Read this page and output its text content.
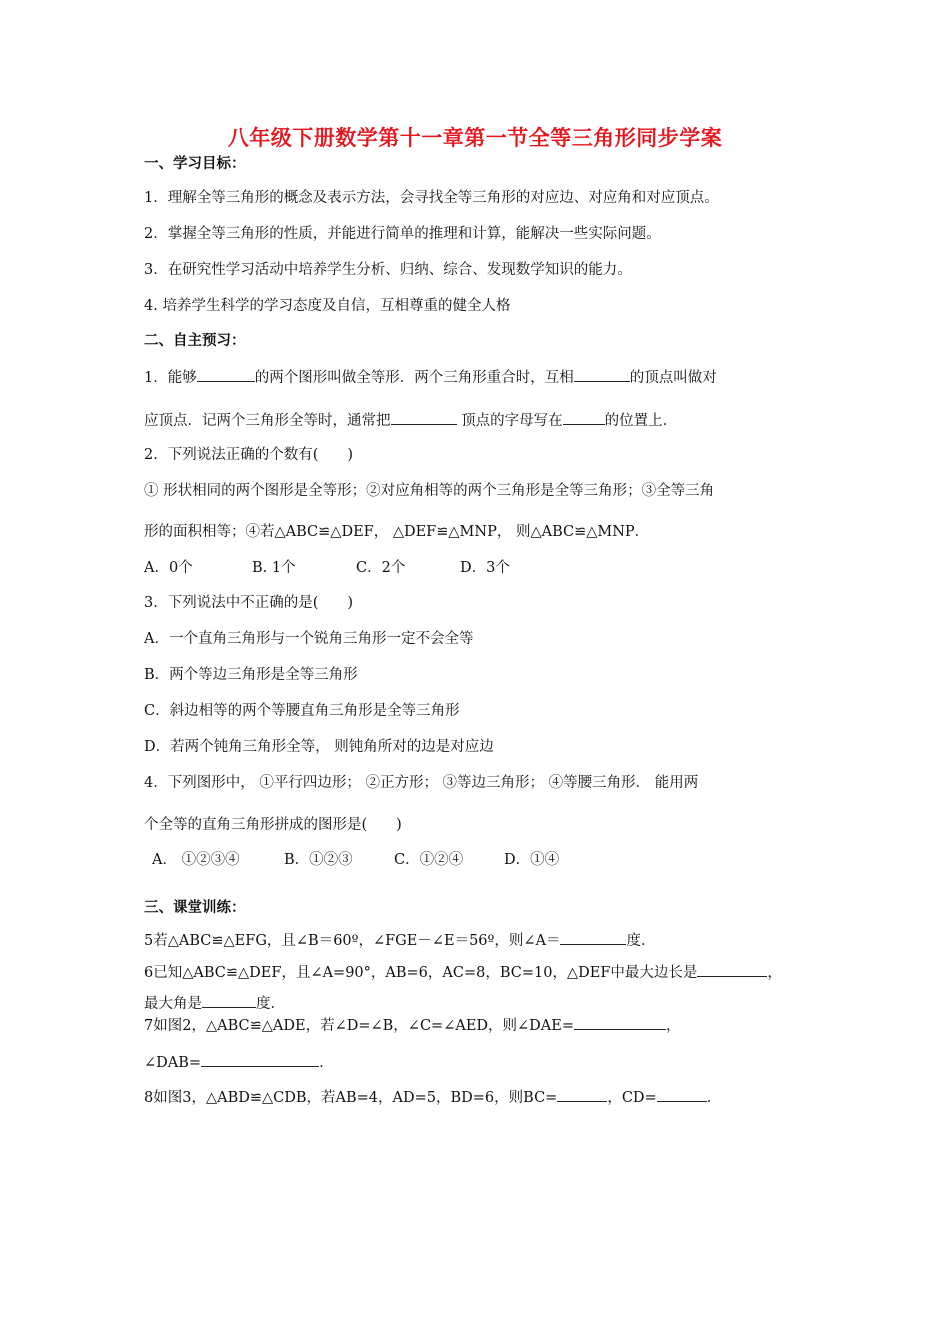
八年级下册数学第十一章第一节全等三角形同步学案
一、学习目标：
1．理解全等三角形的概念及表示方法，会寻找全等三角形的对应边、对应角和对应顶点。
2．掌握全等三角形的性质，并能进行简单的推理和计算，能解决一些实际问题。
3．在研究性学习活动中培养学生分析、归纳、综合、发现数学知识的能力。
4. 培养学生科学的学习态度及自信，互相尊重的健全人格
二、自主预习：
1．能够	的两个图形叫做全等形．两个三角形重合时，互相	的顶点叫做对
应顶点．记两个三角形全等时，通常把	顶点的字母写在	的位置上．
2．下列说法正确的个数有(　　)
① 形状相同的两个图形是全等形；②对应角相等的两个三角形是全等三角形；③全等三角
形的面积相等；④若△ABC≌△DEF， △DEF≌△MNP， 则△ABC≌△MNP．
A．0个	B. 1个	C．2个	D．3个
3．下列说法中不正确的是(　　)
A．一个直角三角形与一个锐角三角形一定不会全等
B．两个等边三角形是全等三角形
C．斜边相等的两个等腰直角三角形是全等三角形
D．若两个钝角三角形全等， 则钝角所对的边是对应边
4．下列图形中， ①平行四边形； ②正方形； ③等边三角形； ④等腰三角形． 能用两
个全等的直角三角形拼成的图形是(　　)
A． ①②③④	B．①②③	C．①②④	D．①④
三、课堂训练：
5若△ABC≌△EFG，且∠B＝60º，∠FGE－∠E＝56º，则∠A＝	度．
6已知△ABC≌△DEF，且∠A=90°，AB=6，AC=8，BC=10，△DEF中最大边长是	，
最大角是	度．
7如图2，△ABC≌△ADE，若∠D=∠B，∠C=∠AED，则∠DAE=	，
∠DAB=	．
8如图3，△ABD≌△CDB，若AB=4，AD=5，BD=6，则BC=	，CD=	．
